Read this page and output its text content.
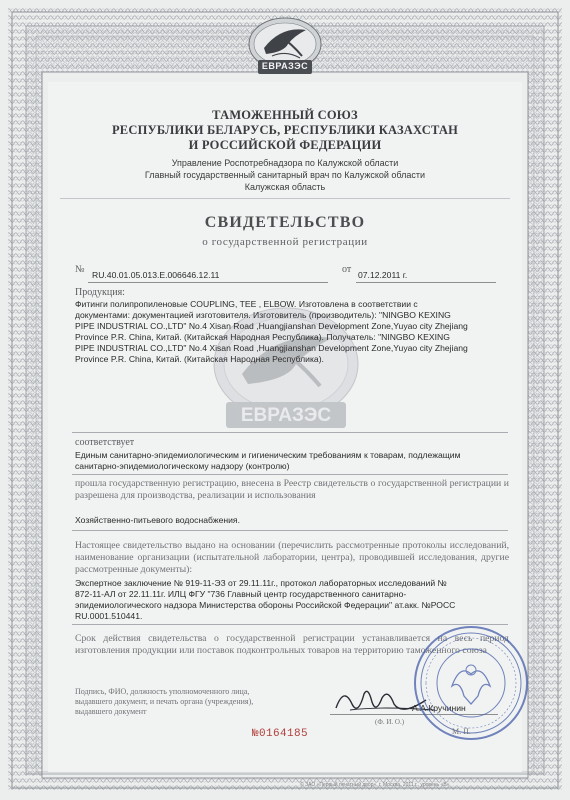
ЕВРАЗЭС
ЕВРАЗЭС
ТАМОЖЕННЫЙ СОЮЗ
РЕСПУБЛИКИ БЕЛАРУСЬ, РЕСПУБЛИКИ КАЗАХСТАН
И РОССИЙСКОЙ ФЕДЕРАЦИИ
Управление Роспотребнадзора по Калужской области
Главный государственный санитарный врач по Калужской области
Калужская область
СВИДЕТЕЛЬСТВО
о государственной регистрации
№ RU.40.01.05.013.E.006646.12.11	от 07.12.2011 г.
Продукция:
Фитинги полипропиленовые COUPLING, TEE , ELBOW. Изготовлена в соответствии с
документами: документацией изготовителя. Изготовитель (производитель): "NINGBO KEXING
PIPE INDUSTRIAL CO.,LTD" No.4 Xisan Road ,Huangjianshan Development Zone,Yuyao city Zhejiang
Province P.R. China, Китай. (Китайская Народная Республика). Получатель: "NINGBO KEXING
PIPE INDUSTRIAL CO.,LTD" No.4 Xisan Road ,Huangjianshan Development Zone,Yuyao city Zhejiang
Province P.R. China, Китай. (Китайская Народная Республика).
соответствует
Единым санитарно-эпидемиологическим и гигиеническим требованиям к товарам, подлежащим
санитарно-эпидемиологическому надзору (контролю)
прошла государственную регистрацию, внесена в Реестр свидетельств о государственной регистрации и разрешена для производства, реализации и использования
Хозяйственно-питьевого водоснабжения.
Настоящее свидетельство выдано на основании (перечислить рассмотренные протоколы исследований, наименование организации (испытательной лаборатории, центра), проводившей исследования, другие рассмотренные документы):
Экспертное заключение № 919-11-ЭЗ от 29.11.11г., протокол лабораторных исследований №
872-11-АЛ от 22.11.11г. ИЛЦ ФГУ "736 Главный центр государственного санитарно-
эпидемиологического надзора Министерства обороны Российской Федерации" ат.акк. №РОСС
RU.0001.510441.
Срок действия свидетельства о государственной регистрации устанавливается на весь период изготовления продукции или поставок подконтрольных товаров на территорию таможенного союза
Подпись, ФИО, должность уполномоченного лица,
выдавшего документ, и печать органа (учреждения),
выдавшего документ	А.А.Кручинин
(Ф. И. О.)
М. П.
№0164185
© ЗАО «Первый печатный двор», г. Москва, 2011 г., уровень «В»
